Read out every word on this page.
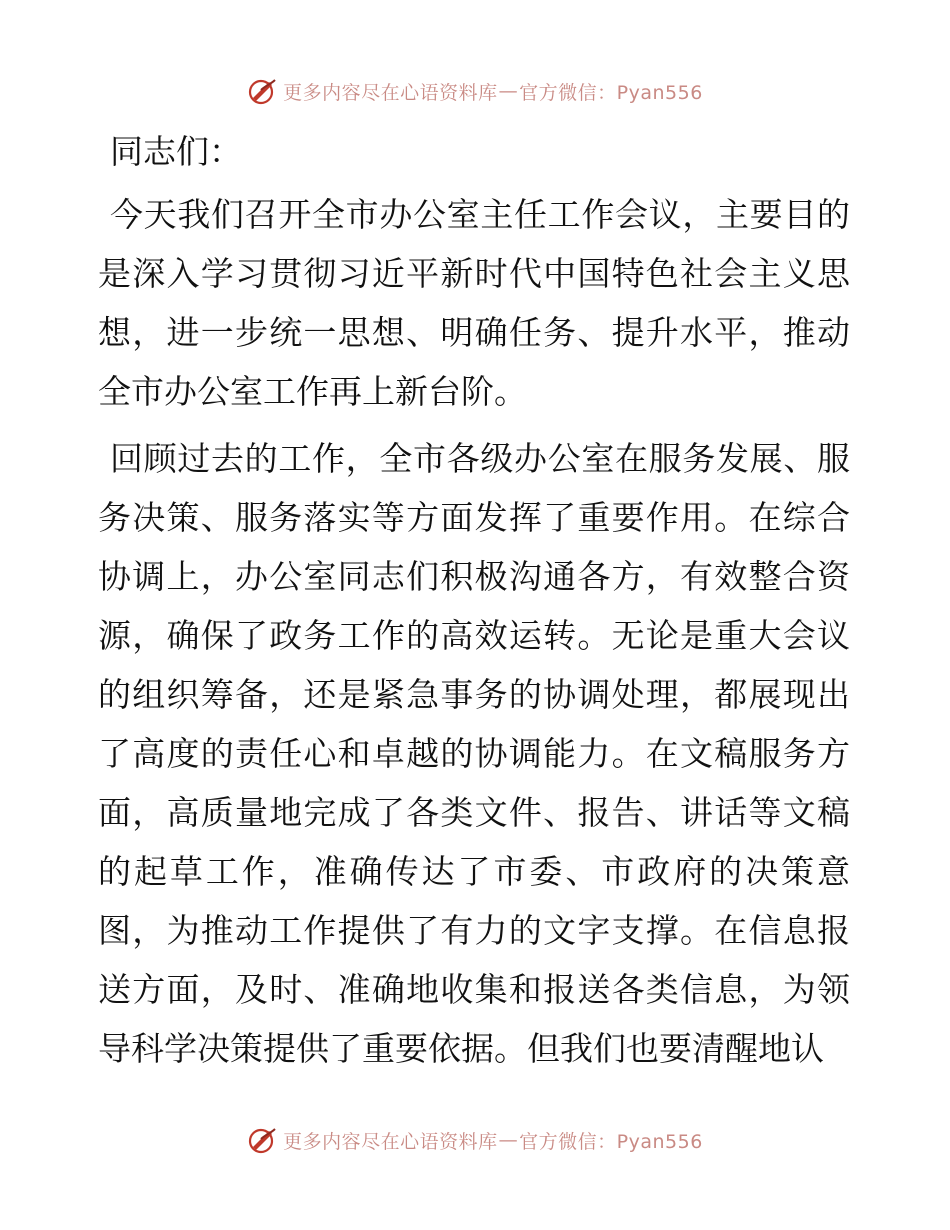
更多内容尽在心语资料库 — 官方微信：Pyan556

同志们：

今天我们召开全市办公室主任工作会议，主要目的是深入学习贯彻习近平新时代中国特色社会主义思想，进一步统一思想、明确任务、提升水平，推动全市办公室工作再上新台阶。

回顾过去的工作，全市各级办公室在服务发展、服务决策、服务落实等方面发挥了重要作用。在综合协调上，办公室同志们积极沟通各方，有效整合资源，确保了政务工作的高效运转。无论是重大会议的组织筹备，还是紧急事务的协调处理，都展现出了高度的责任心和卓越的协调能力。在文稿服务方面，高质量地完成了各类文件、报告、讲话等文稿的起草工作，准确传达了市委、市政府的决策意图，为推动工作提供了有力的文字支撑。在信息报送方面，及时、准确地收集和报送各类信息，为领导科学决策提供了重要依据。但我们也要清醒地认

更多内容尽在心语资料库 — 官方微信：Pyan556
